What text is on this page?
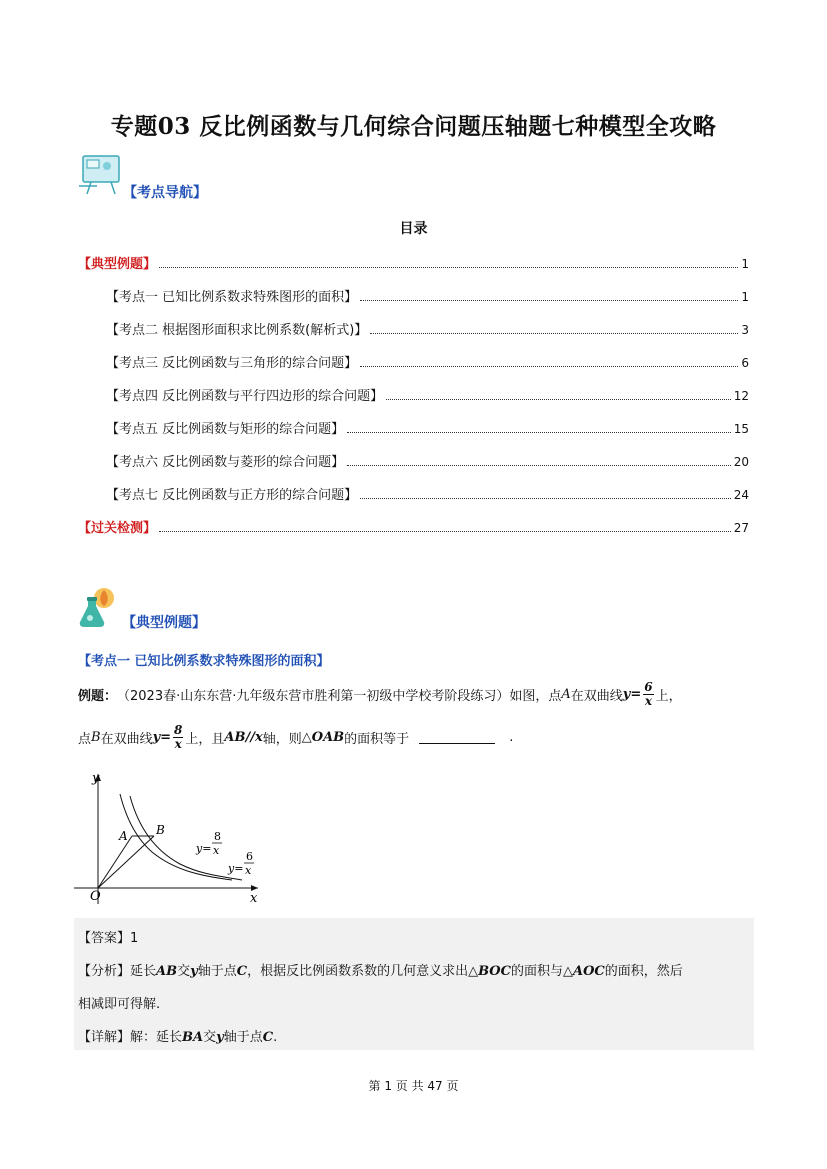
专题03 反比例函数与几何综合问题压轴题七种模型全攻略
【考点导航】
目录
【典型例题】	1
【考点一 已知比例系数求特殊图形的面积】	1
【考点二 根据图形面积求比例系数(解析式)】	3
【考点三 反比例函数与三角形的综合问题】	6
【考点四 反比例函数与平行四边形的综合问题】	12
【考点五 反比例函数与矩形的综合问题】	15
【考点六 反比例函数与菱形的综合问题】	20
【考点七 反比例函数与正方形的综合问题】	24
【过关检测】	27
【典型例题】
【考点一 已知比例系数求特殊图形的面积】
例题： （2023春·山东东营·九年级东营市胜利第一初级中学校考阶段练习）如图，点 A 在双曲线 $y= \frac{6}{x}$ 上，
点 B 在双曲线 $y= \frac{8}{x}$ 上，且 AB//x 轴，则 △OAB 的面积等于	.
y
x
O
A B
y=
8
x
y=
6
x
【答案】1
【分析】延长AB交y轴于点C，根据反比例函数系数的几何意义求出△BOC的面积与△AOC的面积，然后
相减即可得解.
【详解】解：延长BA交y轴于点C.
第 1 页 共 47 页
